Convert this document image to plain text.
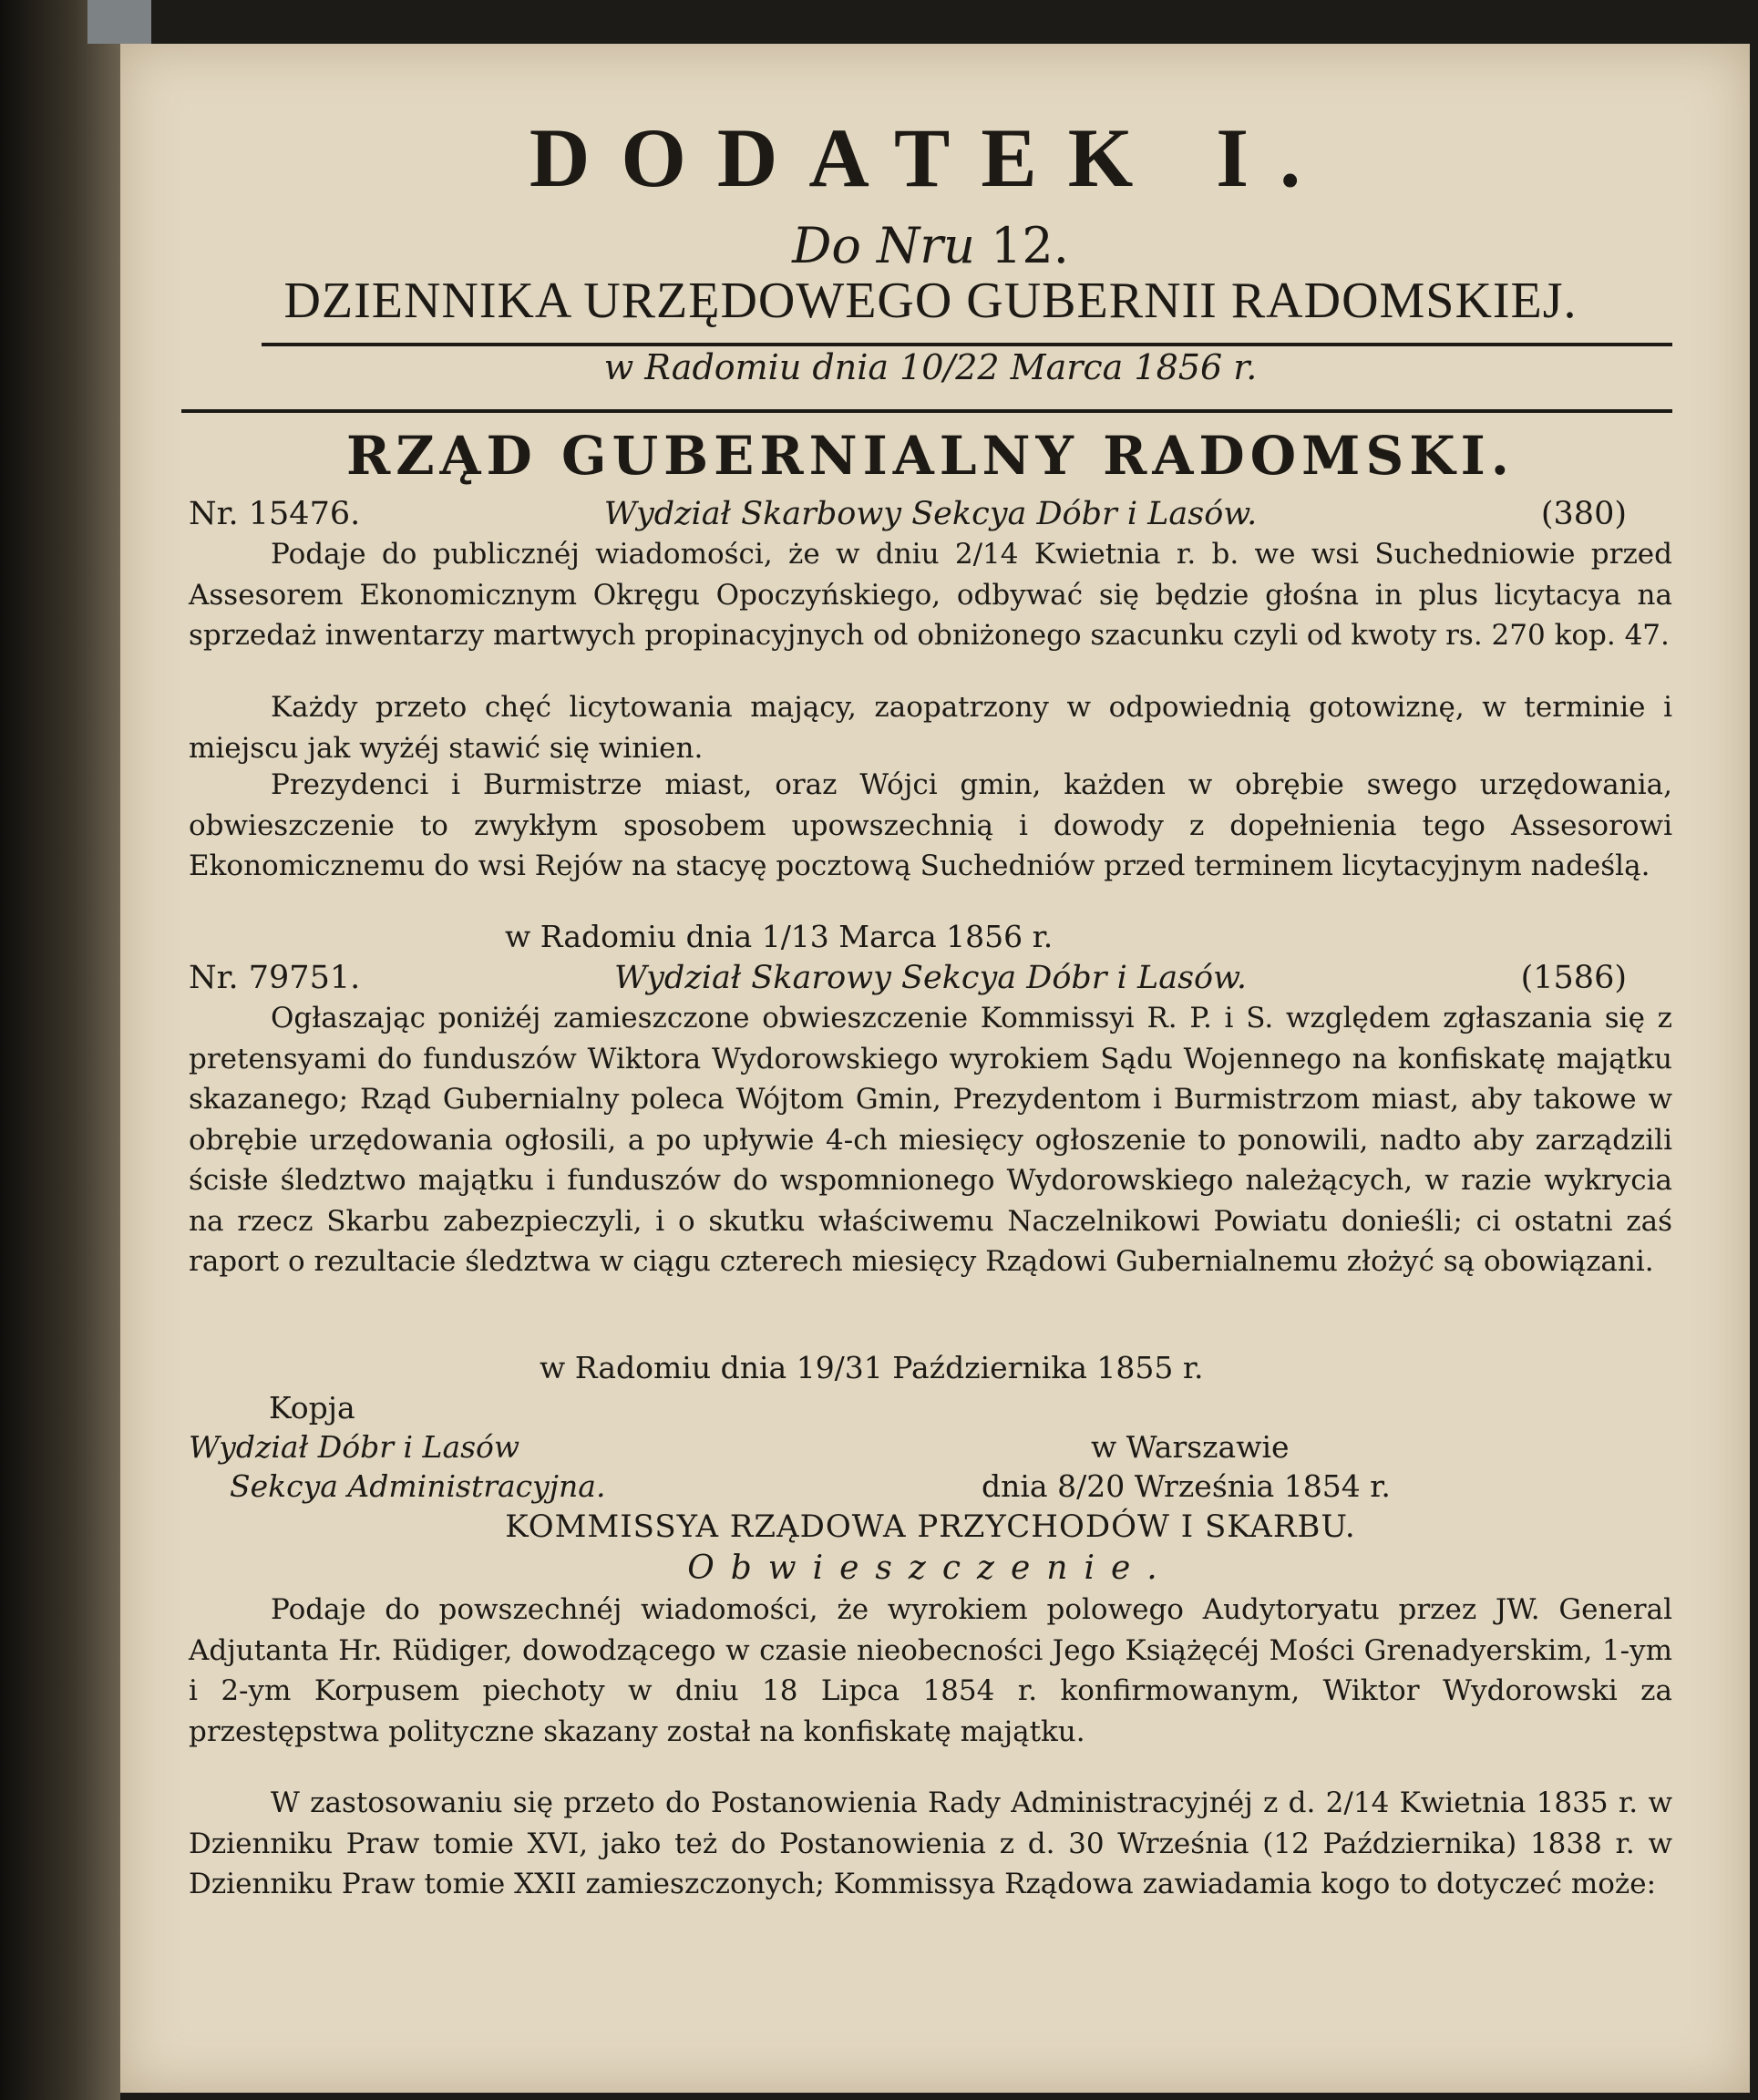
DODATEK I.
Do Nru 12.
DZIENNIKA URZĘDOWEGO GUBERNII RADOMSKIEJ.
w Radomiu dnia 10/22 Marca 1856 r.
RZĄD GUBERNIALNY RADOMSKI.
Nr. 15476.	Wydział Skarbowy Sekcya Dóbr i Lasów.	(380)

Podaje do publicznéj wiadomości, że w dniu 2/14 Kwietnia r. b. we wsi Suchedniowie przed Assesorem Ekonomicznym Okręgu Opoczyńskiego, odbywać się będzie głośna in plus licytacya na sprzedaż inwentarzy martwych propinacyjnych od obniżonego szacunku czyli od kwoty rs. 270 kop. 47.

Każdy przeto chęć licytowania mający, zaopatrzony w odpowiednią gotowiznę, w terminie i miejscu jak wyżéj stawić się winien.

Prezydenci i Burmistrze miast, oraz Wójci gmin, każden w obrębie swego urzędowania, obwieszczenie to zwykłym sposobem upowszechnią i dowody z dopełnienia tego Assesorowi Ekonomicznemu do wsi Rejów na stacyę pocztową Suchedniów przed terminem licytacyjnym nadeślą.

w Radomiu dnia 1/13 Marca 1856 r.
Nr. 79751.	Wydział Skarowy Sekcya Dóbr i Lasów.	(1586)

Ogłaszając poniżéj zamieszczone obwieszczenie Kommissyi R. P. i S. względem zgłaszania się z pretensyami do funduszów Wiktora Wydorowskiego wyrokiem Sądu Wojennego na konfiskatę majątku skazanego; Rząd Gubernialny poleca Wójtom Gmin, Prezydentom i Burmistrzom miast, aby takowe w obrębie urzędowania ogłosili, a po upływie 4-ch miesięcy ogłoszenie to ponowili, nadto aby zarządzili ścisłe śledztwo majątku i funduszów do wspomnionego Wydorowskiego należących, w razie wykrycia na rzecz Skarbu zabezpieczyli, i o skutku właściwemu Naczelnikowi Powiatu donieśli; ci ostatni zaś raport o rezultacie śledztwa w ciągu czterech miesięcy Rządowi Gubernialnemu złożyć są obowiązani.

w Radomiu dnia 19/31 Października 1855 r.
Kopja
Wydział Dóbr i Lasów
Sekcya Administracyjna.
w Warszawie
dnia 8/20 Września 1854 r.
KOMMISSYA RZĄDOWA PRZYCHODÓW I SKARBU.
Obwieszczenie.

Podaje do powszechnéj wiadomości, że wyrokiem polowego Audytoryatu przez JW. General Adjutanta Hr. Rüdiger, dowodzącego w czasie nieobecności Jego Książęcéj Mości Grenadyerskim, 1-ym i 2-ym Korpusem piechoty w dniu 18 Lipca 1854 r. konfirmowanym, Wiktor Wydorowski za przestępstwa polityczne skazany został na konfiskatę majątku.

W zastosowaniu się przeto do Postanowienia Rady Administracyjnéj z d. 2/14 Kwietnia 1835 r. w Dzienniku Praw tomie XVI, jako też do Postanowienia z d. 30 Września (12 Października) 1838 r. w Dzienniku Praw tomie XXII zamieszczonych; Kommissya Rządowa zawiadamia kogo to dotyczeć może:
